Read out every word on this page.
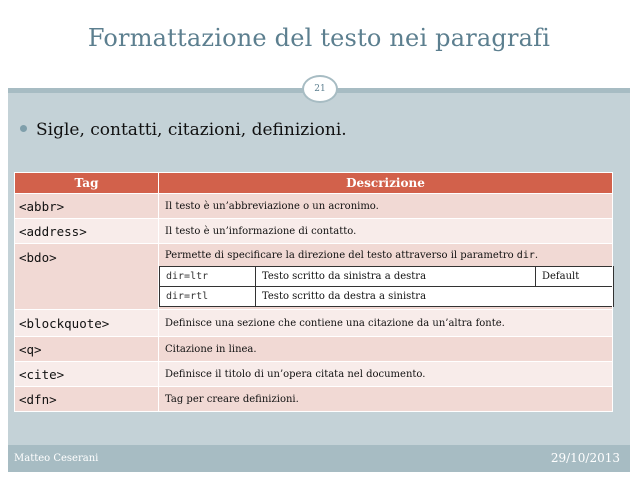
Formattazione del testo nei paragrafi
21
Sigle, contatti, citazioni, definizioni.
Tag	Descrizione
<abbr>	Il testo è un’abbreviazione o un acronimo.
<address>	Il testo è un’informazione di contatto.
<bdo>	Permette di specificare la direzione del testo attraverso il parametro dir.
dir=ltr	Testo scritto da sinistra a destra	Default
dir=rtl	Testo scritto da destra a sinistra

<blockquote>	Definisce una sezione che contiene una citazione da un’altra fonte.
<q>	Citazione in linea.
<cite>	Definisce il titolo di un’opera citata nel documento.
<dfn>	Tag per creare definizioni.
Matteo Ceserani	29/10/2013
